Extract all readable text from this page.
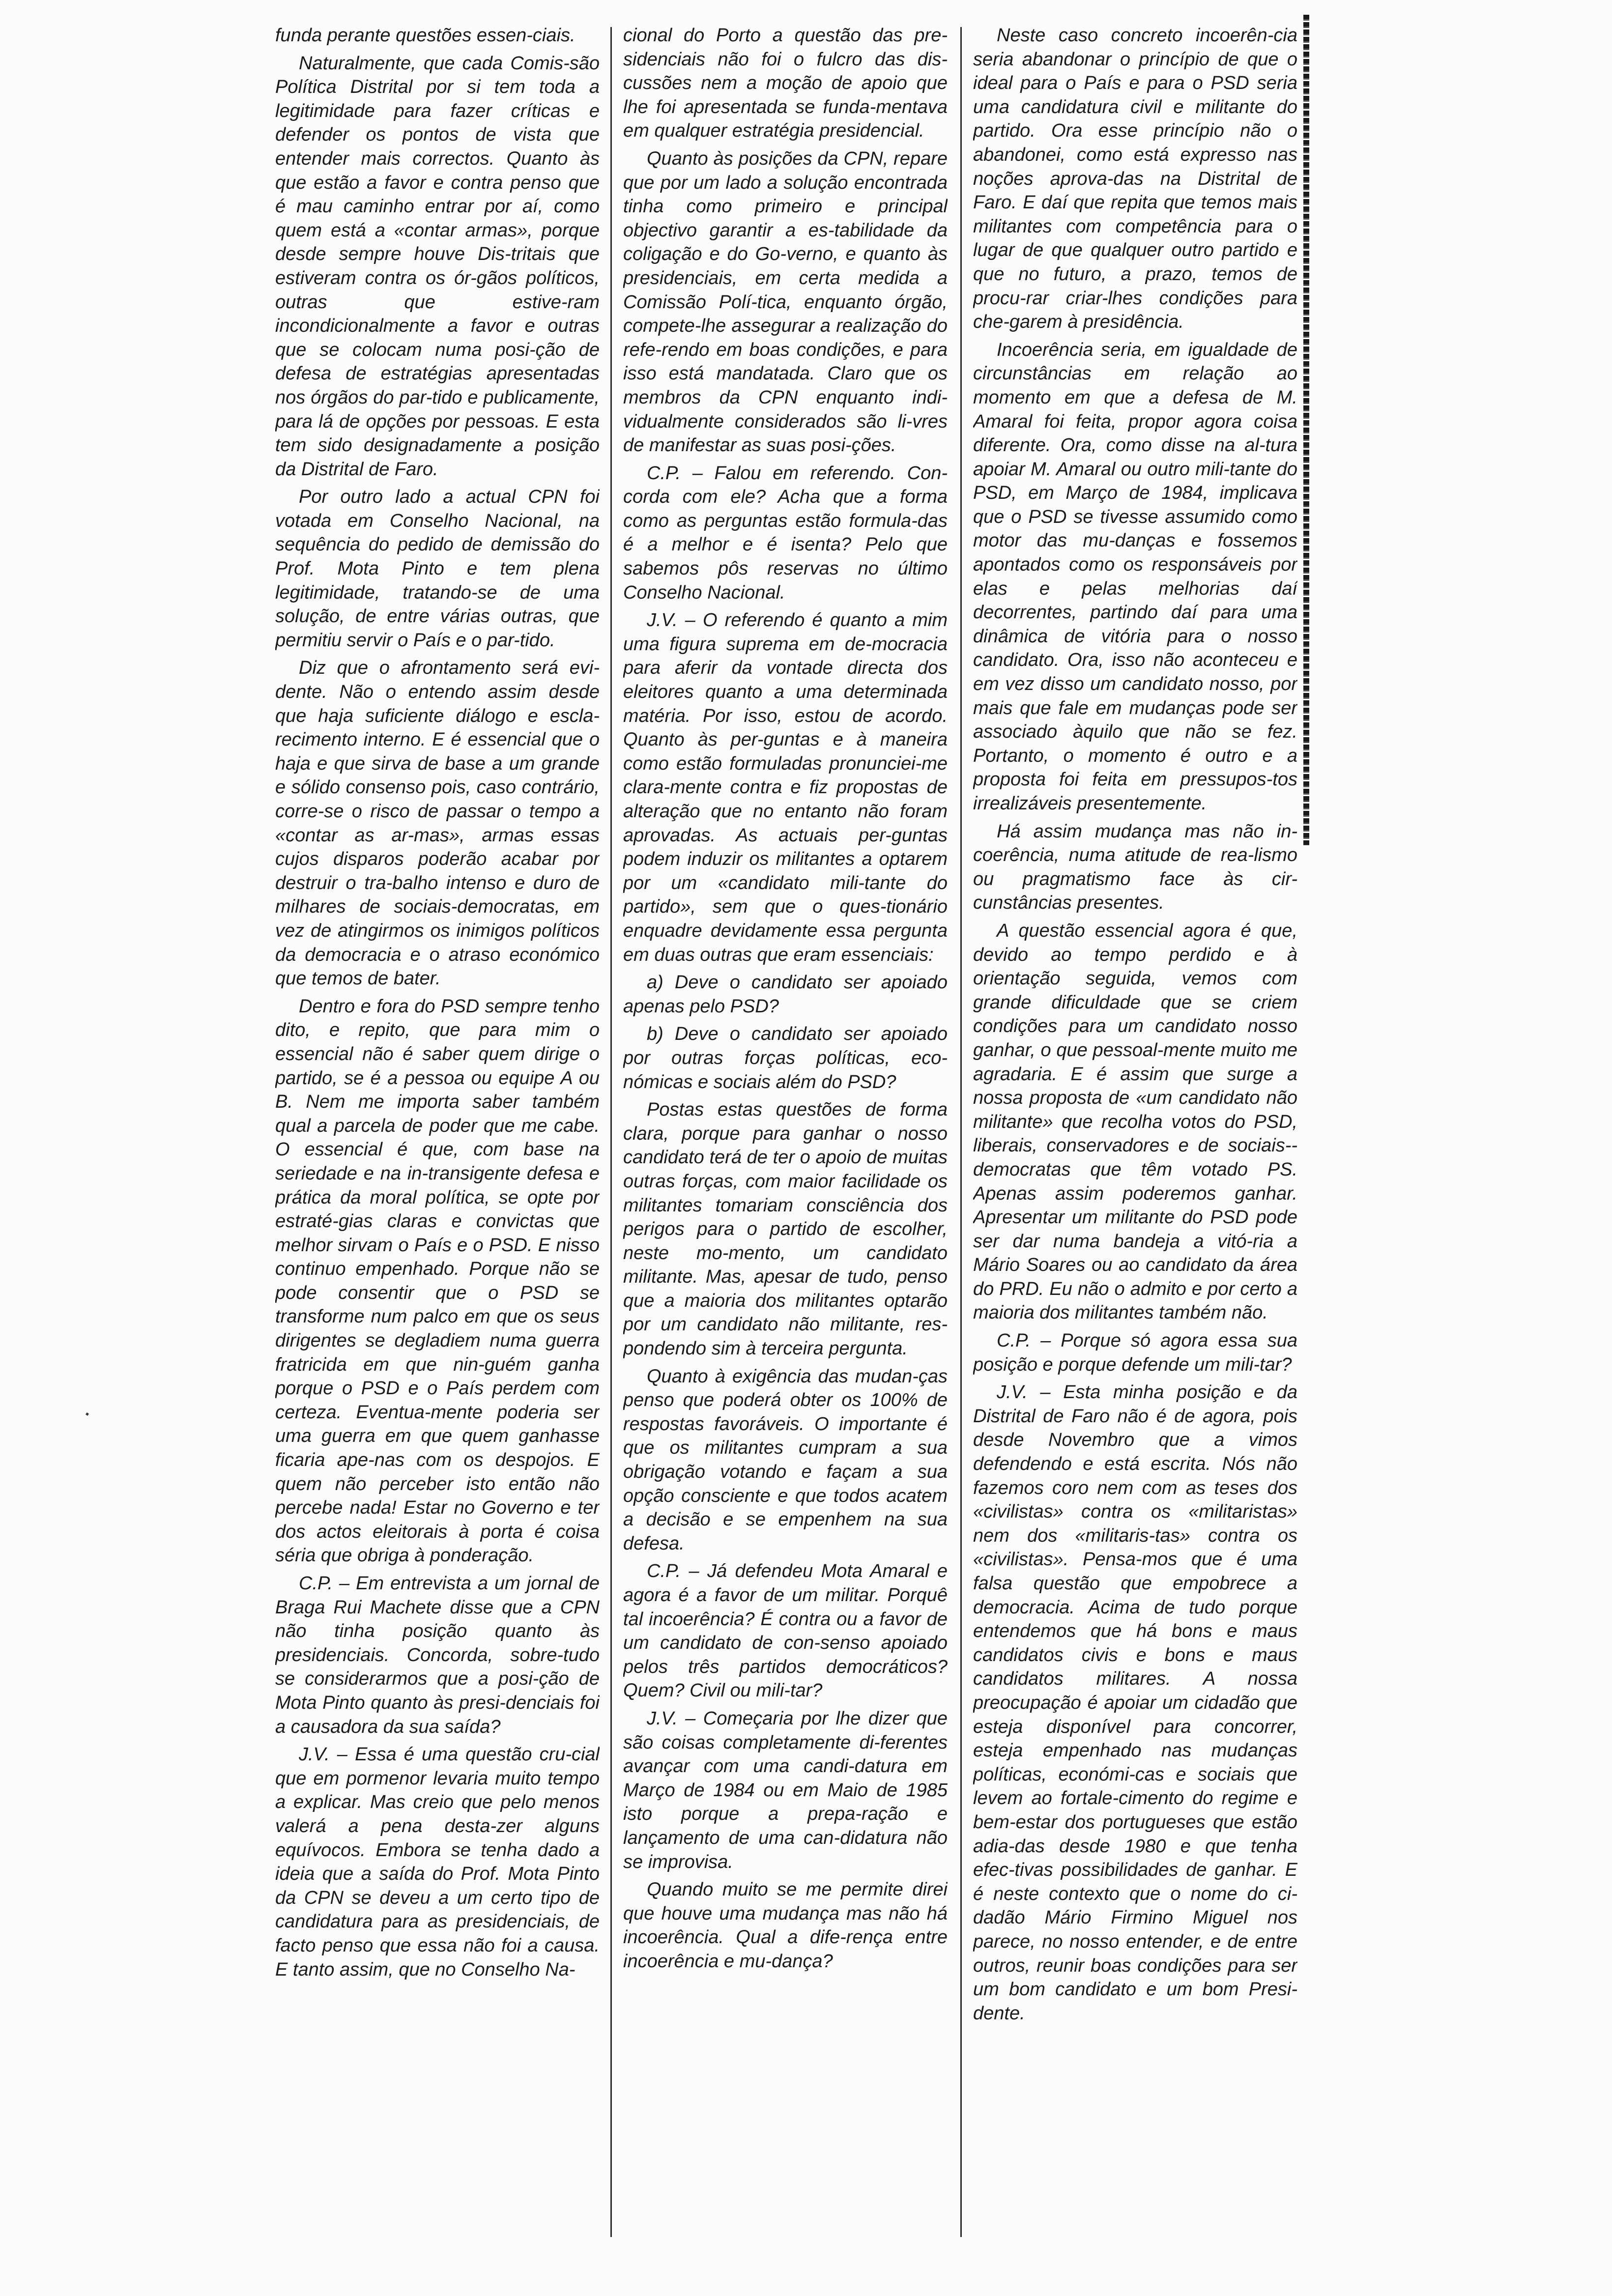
funda perante questões essen-ciais.

Naturalmente, que cada Comis-são Política Distrital por si tem toda a legitimidade para fazer críticas e defender os pontos de vista que entender mais correctos. Quanto às que estão a favor e contra penso que é mau caminho entrar por aí, como quem está a «contar armas», porque desde sempre houve Dis-tritais que estiveram contra os ór-gãos políticos, outras que estive-ram incondicionalmente a favor e outras que se colocam numa posi-ção de defesa de estratégias apresentadas nos órgãos do par-tido e publicamente, para lá de opções por pessoas. E esta tem sido designadamente a posição da Distrital de Faro.

Por outro lado a actual CPN foi votada em Conselho Nacional, na sequência do pedido de demissão do Prof. Mota Pinto e tem plena legitimidade, tratando-se de uma solução, de entre várias outras, que permitiu servir o País e o par-tido.

Diz que o afrontamento será evi-dente. Não o entendo assim desde que haja suficiente diálogo e escla-recimento interno. E é essencial que o haja e que sirva de base a um grande e sólido consenso pois, caso contrário, corre-se o risco de passar o tempo a «contar as ar-mas», armas essas cujos disparos poderão acabar por destruir o tra-balho intenso e duro de milhares de sociais-democratas, em vez de atingirmos os inimigos políticos da democracia e o atraso económico que temos de bater.

Dentro e fora do PSD sempre tenho dito, e repito, que para mim o essencial não é saber quem dirige o partido, se é a pessoa ou equipe A ou B. Nem me importa saber também qual a parcela de poder que me cabe. O essencial é que, com base na seriedade e na in-transigente defesa e prática da moral política, se opte por estraté-gias claras e convictas que melhor sirvam o País e o PSD. E nisso continuo empenhado. Porque não se pode consentir que o PSD se transforme num palco em que os seus dirigentes se degladiem numa guerra fratricida em que nin-guém ganha porque o PSD e o País perdem com certeza. Eventua-mente poderia ser uma guerra em que quem ganhasse ficaria ape-nas com os despojos. E quem não perceber isto então não percebe nada! Estar no Governo e ter dos actos eleitorais à porta é coisa séria que obriga à ponderação.

C.P. – Em entrevista a um jornal de Braga Rui Machete disse que a CPN não tinha posição quanto às presidenciais. Concorda, sobre-tudo se considerarmos que a posi-ção de Mota Pinto quanto às presi-denciais foi a causadora da sua saída?

J.V. – Essa é uma questão cru-cial que em pormenor levaria muito tempo a explicar. Mas creio que pelo menos valerá a pena desta-zer alguns equívocos. Embora se tenha dado a ideia que a saída do Prof. Mota Pinto da CPN se deveu a um certo tipo de candidatura para as presidenciais, de facto penso que essa não foi a causa. E tanto assim, que no Conselho Na-

cional do Porto a questão das pre-sidenciais não foi o fulcro das dis-cussões nem a moção de apoio que lhe foi apresentada se funda-mentava em qualquer estratégia presidencial.

Quanto às posições da CPN, repare que por um lado a solução encontrada tinha como primeiro e principal objectivo garantir a es-tabilidade da coligação e do Go-verno, e quanto às presidenciais, em certa medida a Comissão Polí-tica, enquanto órgão, compete-lhe assegurar a realização do refe-rendo em boas condições, e para isso está mandatada. Claro que os membros da CPN enquanto indi-vidualmente considerados são li-vres de manifestar as suas posi-ções.

C.P. – Falou em referendo. Con-corda com ele? Acha que a forma como as perguntas estão formula-das é a melhor e é isenta? Pelo que sabemos pôs reservas no último Conselho Nacional.

J.V. – O referendo é quanto a mim uma figura suprema em de-mocracia para aferir da vontade directa dos eleitores quanto a uma determinada matéria. Por isso, estou de acordo. Quanto às per-guntas e à maneira como estão formuladas pronunciei-me clara-mente contra e fiz propostas de alteração que no entanto não foram aprovadas. As actuais per-guntas podem induzir os militantes a optarem por um «candidato mili-tante do partido», sem que o ques-tionário enquadre devidamente essa pergunta em duas outras que eram essenciais:

a) Deve o candidato ser apoiado apenas pelo PSD?

b) Deve o candidato ser apoiado por outras forças políticas, eco-nómicas e sociais além do PSD?

Postas estas questões de forma clara, porque para ganhar o nosso candidato terá de ter o apoio de muitas outras forças, com maior facilidade os militantes tomariam consciência dos perigos para o partido de escolher, neste mo-mento, um candidato militante. Mas, apesar de tudo, penso que a maioria dos militantes optarão por um candidato não militante, res-pondendo sim à terceira pergunta.

Quanto à exigência das mudan-ças penso que poderá obter os 100% de respostas favoráveis. O importante é que os militantes cumpram a sua obrigação votando e façam a sua opção consciente e que todos acatem a decisão e se empenhem na sua defesa.

C.P. – Já defendeu Mota Amaral e agora é a favor de um militar. Porquê tal incoerência? É contra ou a favor de um candidato de con-senso apoiado pelos três partidos democráticos? Quem? Civil ou mili-tar?

J.V. – Começaria por lhe dizer que são coisas completamente di-ferentes avançar com uma candi-datura em Março de 1984 ou em Maio de 1985 isto porque a prepa-ração e lançamento de uma can-didatura não se improvisa.

Quando muito se me permite direi que houve uma mudança mas não há incoerência. Qual a dife-rença entre incoerência e mu-dança?

Neste caso concreto incoerên-cia seria abandonar o princípio de que o ideal para o País e para o PSD seria uma candidatura civil e militante do partido. Ora esse princípio não o abandonei, como está expresso nas noções aprova-das na Distrital de Faro. E daí que repita que temos mais militantes com competência para o lugar de que qualquer outro partido e que no futuro, a prazo, temos de procu-rar criar-lhes condições para che-garem à presidência.

Incoerência seria, em igualdade de circunstâncias em relação ao momento em que a defesa de M. Amaral foi feita, propor agora coisa diferente. Ora, como disse na al-tura apoiar M. Amaral ou outro mili-tante do PSD, em Março de 1984, implicava que o PSD se tivesse assumido como motor das mu-danças e fossemos apontados como os responsáveis por elas e pelas melhorias daí decorrentes, partindo daí para uma dinâmica de vitória para o nosso candidato. Ora, isso não aconteceu e em vez disso um candidato nosso, por mais que fale em mudanças pode ser associado àquilo que não se fez. Portanto, o momento é outro e a proposta foi feita em pressupos-tos irrealizáveis presentemente.

Há assim mudança mas não in-coerência, numa atitude de rea-lismo ou pragmatismo face às cir-cunstâncias presentes.

A questão essencial agora é que, devido ao tempo perdido e à orientação seguida, vemos com grande dificuldade que se criem condições para um candidato nosso ganhar, o que pessoal-mente muito me agradaria. E é assim que surge a nossa proposta de «um candidato não militante» que recolha votos do PSD, liberais, conservadores e de sociais--democratas que têm votado PS. Apenas assim poderemos ganhar. Apresentar um militante do PSD pode ser dar numa bandeja a vitó-ria a Mário Soares ou ao candidato da área do PRD. Eu não o admito e por certo a maioria dos militantes também não.

C.P. – Porque só agora essa sua posição e porque defende um mili-tar?

J.V. – Esta minha posição e da Distrital de Faro não é de agora, pois desde Novembro que a vimos defendendo e está escrita. Nós não fazemos coro nem com as teses dos «civilistas» contra os «militaristas» nem dos «militaris-tas» contra os «civilistas». Pensa-mos que é uma falsa questão que empobrece a democracia. Acima de tudo porque entendemos que há bons e maus candidatos civis e bons e maus candidatos militares. A nossa preocupação é apoiar um cidadão que esteja disponível para concorrer, esteja empenhado nas mudanças políticas, económi-cas e sociais que levem ao fortale-cimento do regime e bem-estar dos portugueses que estão adia-das desde 1980 e que tenha efec-tivas possibilidades de ganhar. E é neste contexto que o nome do ci-dadão Mário Firmino Miguel nos parece, no nosso entender, e de entre outros, reunir boas condições para ser um bom candidato e um bom Presi-dente.
